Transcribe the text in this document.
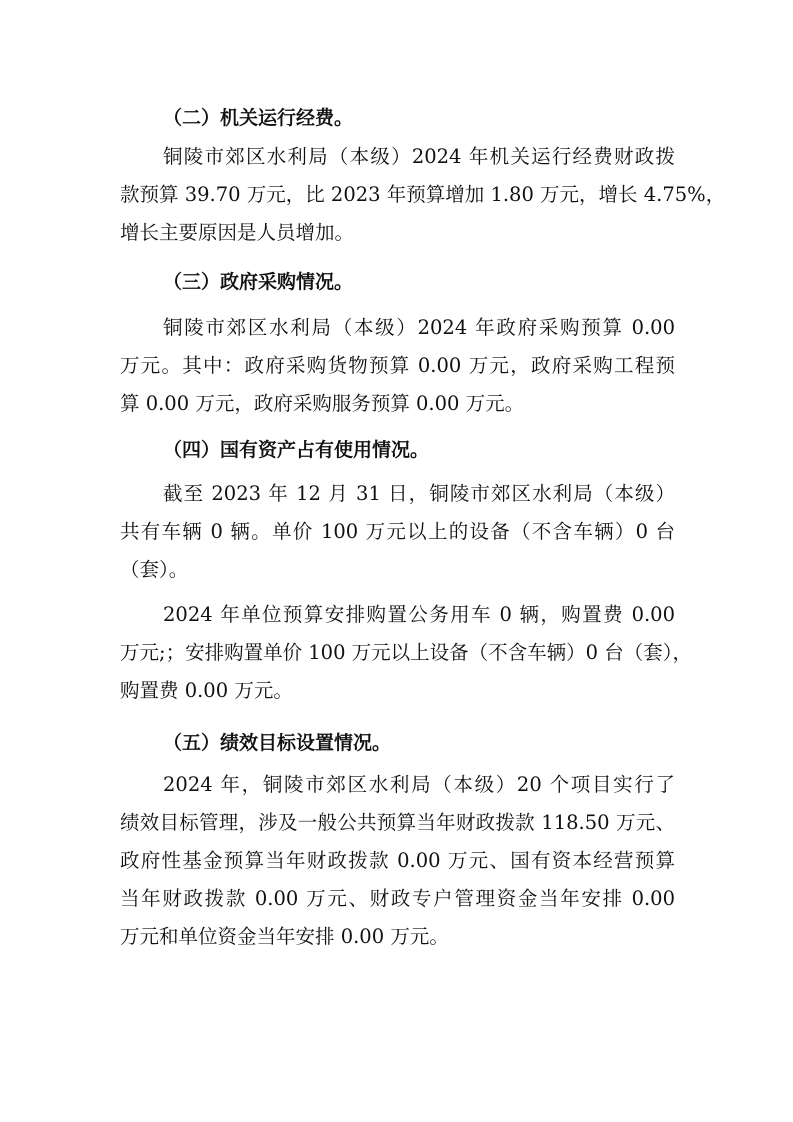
（二）机关运行经费。
铜陵市郊区水利局（本级）2024 年机关运行经费财政拨
款预算 39.70 万元，比 2023 年预算增加 1.80 万元，增长 4.75%，
增长主要原因是人员增加。
（三）政府采购情况。
铜陵市郊区水利局（本级）2024 年政府采购预算 0.00
万元。其中：政府采购货物预算 0.00 万元，政府采购工程预
算 0.00 万元，政府采购服务预算 0.00 万元。
（四）国有资产占有使用情况。
截至 2023 年 12 月 31 日，铜陵市郊区水利局（本级）
共有车辆 0 辆。单价 100 万元以上的设备（不含车辆）0 台
（套）。
2024 年单位预算安排购置公务用车 0 辆，购置费 0.00
万元;；安排购置单价 100 万元以上设备（不含车辆）0 台（套），
购置费 0.00 万元。
（五）绩效目标设置情况。
2024 年，铜陵市郊区水利局（本级）20 个项目实行了
绩效目标管理，涉及一般公共预算当年财政拨款 118.50 万元、
政府性基金预算当年财政拨款 0.00 万元、国有资本经营预算
当年财政拨款 0.00 万元、财政专户管理资金当年安排 0.00
万元和单位资金当年安排 0.00 万元。
